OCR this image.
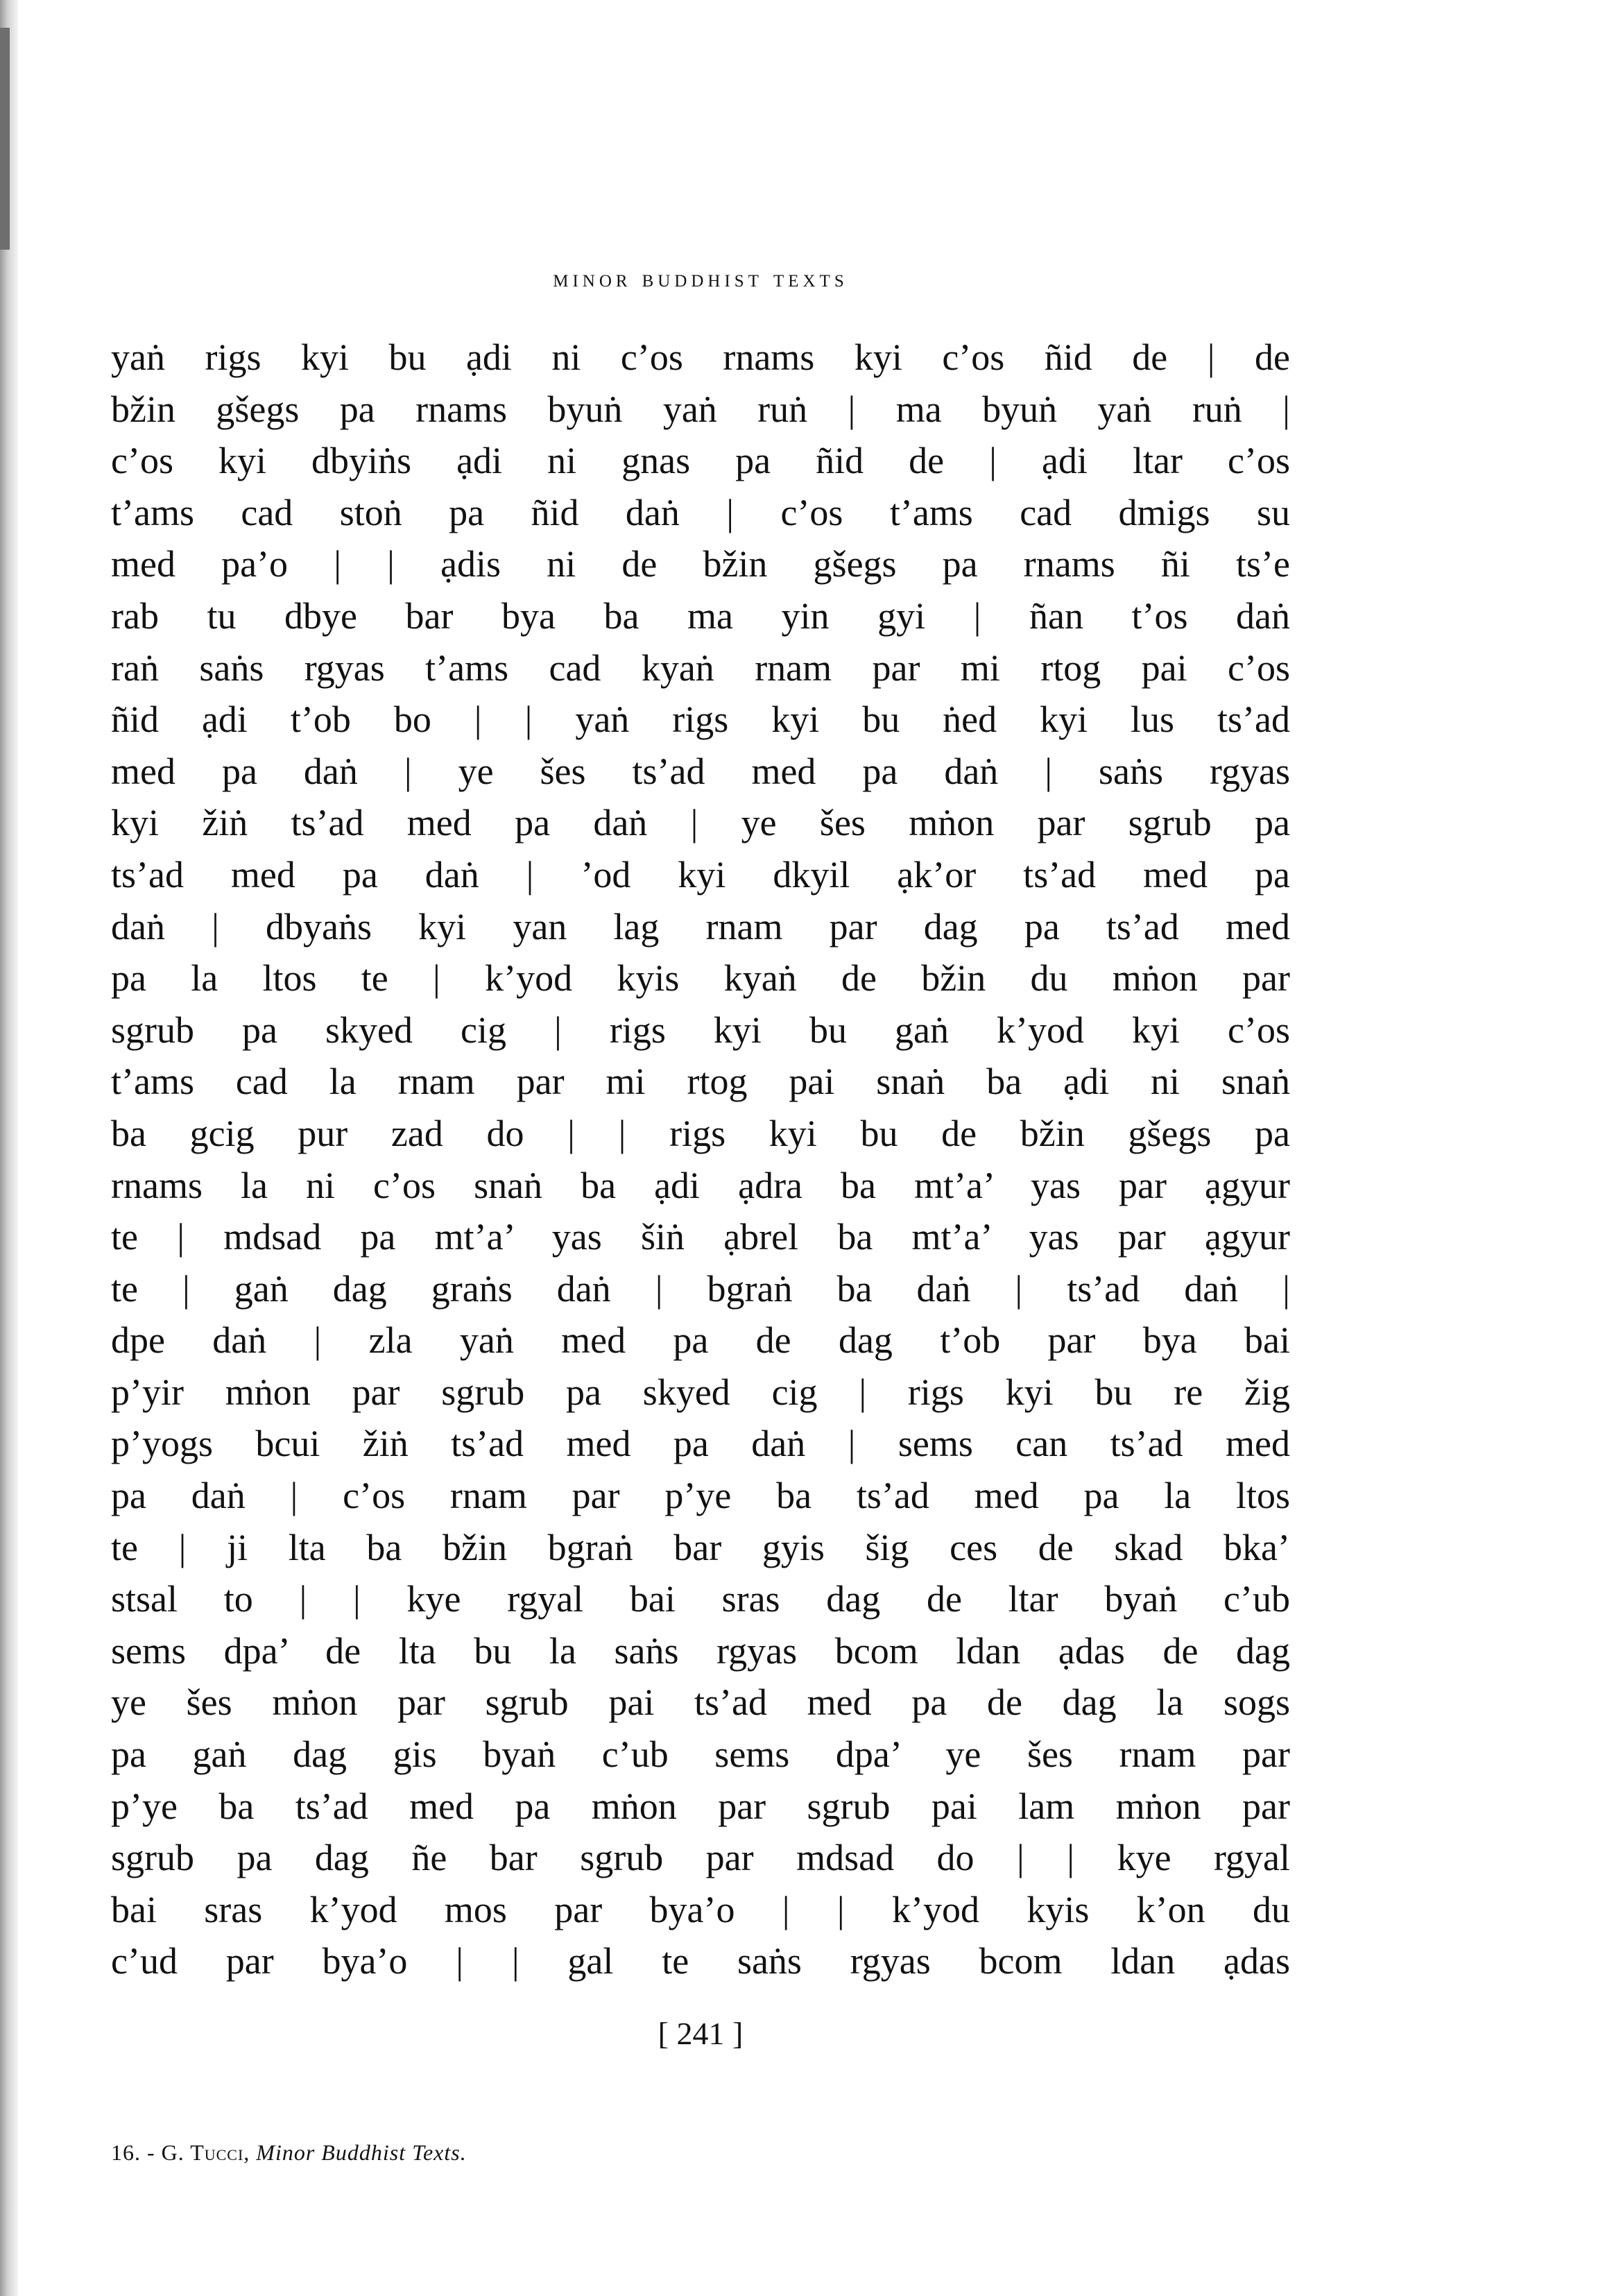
minor buddhist texts
yaṅ rigs kyi bu ạdi ni c’os rnams kyi c’os ñid de | de
bžin gšegs pa rnams byuṅ yaṅ ruṅ | ma byuṅ yaṅ ruṅ |
c’os kyi dbyiṅs ạdi ni gnas pa ñid de | ạdi ltar c’os
t’ams cad stoṅ pa ñid daṅ | c’os t’ams cad dmigs su
med pa’o | | ạdis ni de bžin gšegs pa rnams ñi ts’e
rab tu dbye bar bya ba ma yin gyi | ñan t’os daṅ
raṅ saṅs rgyas t’ams cad kyaṅ rnam par mi rtog pai c’os
ñid ạdi t’ob bo | | yaṅ rigs kyi bu ṅed kyi lus ts’ad
med pa daṅ | ye šes ts’ad med pa daṅ | saṅs rgyas
kyi žiṅ ts’ad med pa daṅ | ye šes mṅon par sgrub pa
ts’ad med pa daṅ | ’od kyi dkyil ạk’or ts’ad med pa
daṅ | dbyaṅs kyi yan lag rnam par dag pa ts’ad med
pa la ltos te | k’yod kyis kyaṅ de bžin du mṅon par
sgrub pa skyed cig | rigs kyi bu gaṅ k’yod kyi c’os
t’ams cad la rnam par mi rtog pai snaṅ ba ạdi ni snaṅ
ba gcig pur zad do | | rigs kyi bu de bžin gšegs pa
rnams la ni c’os snaṅ ba ạdi ạdra ba mt’a’ yas par ạgyur
te | mdsad pa mt’a’ yas šiṅ ạbrel ba mt’a’ yas par ạgyur
te | gaṅ dag graṅs daṅ | bgraṅ ba daṅ | ts’ad daṅ |
dpe daṅ | zla yaṅ med pa de dag t’ob par bya bai
p’yir mṅon par sgrub pa skyed cig | rigs kyi bu re žig
p’yogs bcui žiṅ ts’ad med pa daṅ | sems can ts’ad med
pa daṅ | c’os rnam par p’ye ba ts’ad med pa la ltos
te | ji lta ba bžin bgraṅ bar gyis šig ces de skad bka’
stsal to | | kye rgyal bai sras dag de ltar byaṅ c’ub
sems dpa’ de lta bu la saṅs rgyas bcom ldan ạdas de dag
ye šes mṅon par sgrub pai ts’ad med pa de dag la sogs
pa gaṅ dag gis byaṅ c’ub sems dpa’ ye šes rnam par
p’ye ba ts’ad med pa mṅon par sgrub pai lam mṅon par
sgrub pa dag ñe bar sgrub par mdsad do | | kye rgyal
bai sras k’yod mos par bya’o | | k’yod kyis k’on du
c’ud par bya’o | | gal te saṅs rgyas bcom ldan ạdas
[ 241 ]
16. - G. Tucci, Minor Buddhist Texts.
